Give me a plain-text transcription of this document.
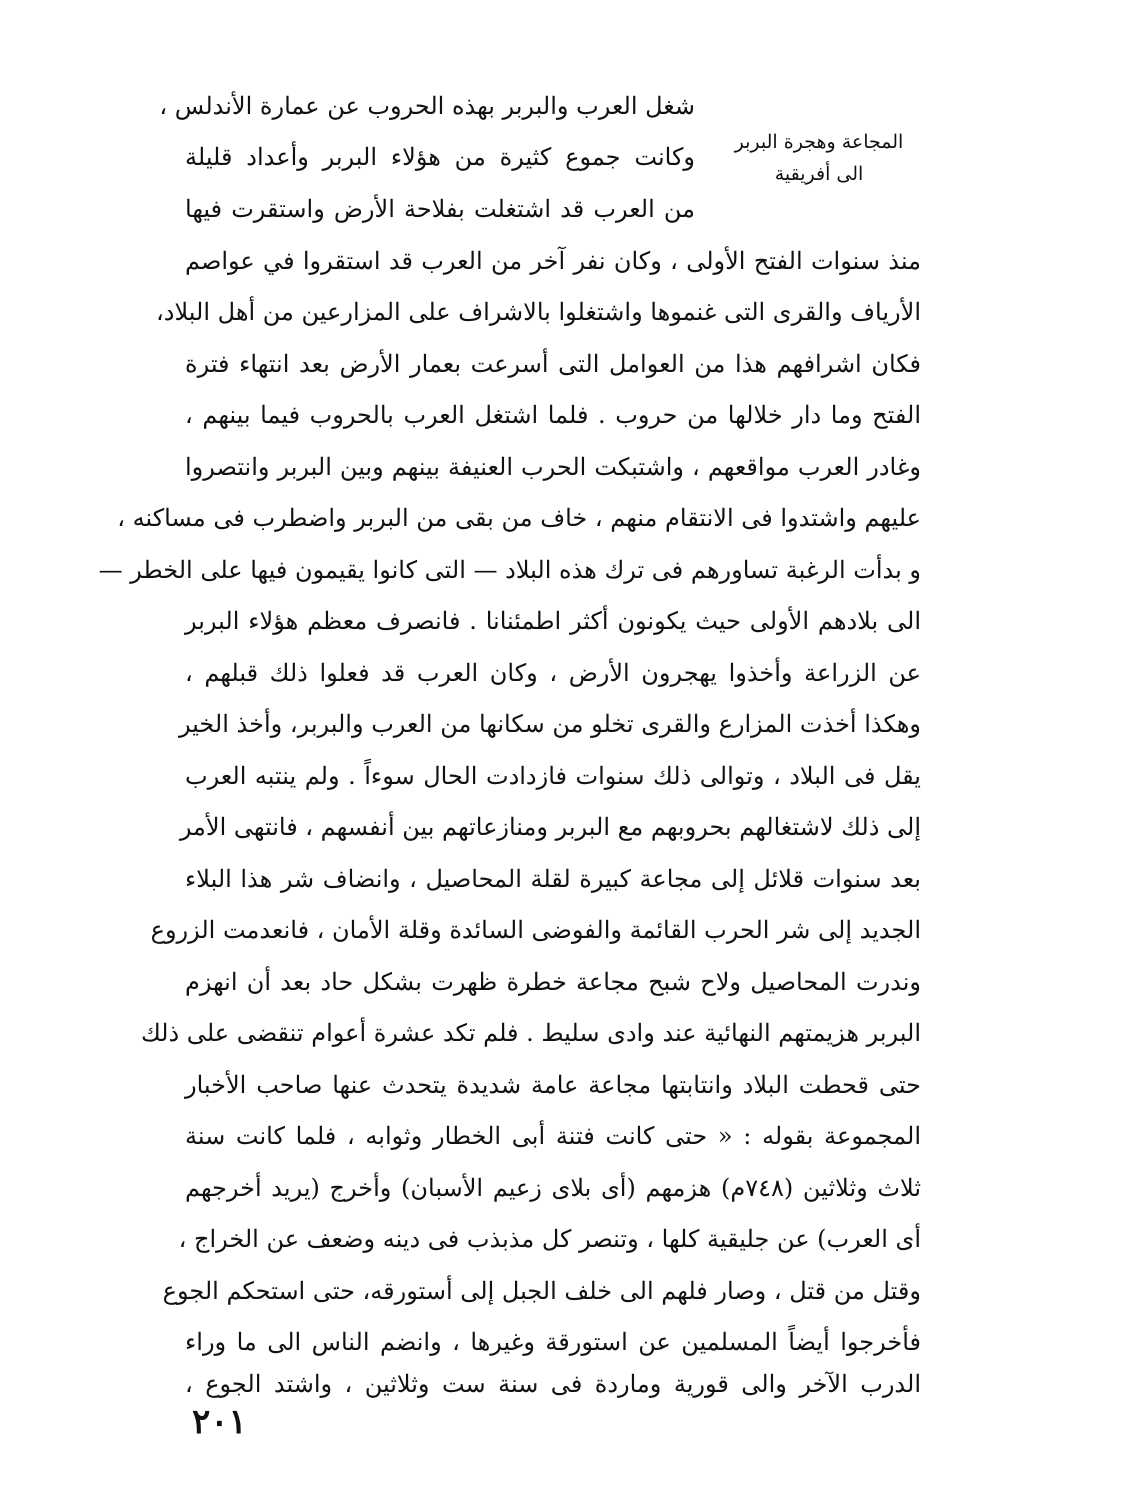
المجاعة وهجرة البربر
الى أفريقية
شغل العرب والبربر بهذه الحروب عن عمارة الأندلس ،
وكانت جموع كثيرة من هؤلاء البربر وأعداد قليلة
من العرب قد اشتغلت بفلاحة الأرض واستقرت فيها
منذ سنوات الفتح الأولى ، وكان نفر آخر من العرب قد استقروا في عواصم
الأرياف والقرى التى غنموها واشتغلوا بالاشراف على المزارعين من أهل البلاد،
فكان اشرافهم هذا من العوامل التى أسرعت بعمار الأرض بعد انتهاء فترة
الفتح وما دار خلالها من حروب . فلما اشتغل العرب بالحروب فيما بينهم ،
وغادر العرب مواقعهم ، واشتبكت الحرب العنيفة بينهم وبين البربر وانتصروا
عليهم واشتدوا فى الانتقام منهم ، خاف من بقى من البربر واضطرب فى مساكنه ،
و بدأت الرغبة تساورهم فى ترك هذه البلاد — التى كانوا يقيمون فيها على الخطر —
الى بلادهم الأولى حيث يكونون أكثر اطمئنانا . فانصرف معظم هؤلاء البربر
عن الزراعة وأخذوا يهجرون الأرض ، وكان العرب قد فعلوا ذلك قبلهم ،
وهكذا أخذت المزارع والقرى تخلو من سكانها من العرب والبربر، وأخذ الخير
يقل فى البلاد ، وتوالى ذلك سنوات فازدادت الحال سوءاً . ولم ينتبه العرب
إلى ذلك لاشتغالهم بحروبهم مع البربر ومنازعاتهم بين أنفسهم ، فانتهى الأمر
بعد سنوات قلائل إلى مجاعة كبيرة لقلة المحاصيل ، وانضاف شر هذا البلاء
الجديد إلى شر الحرب القائمة والفوضى السائدة وقلة الأمان ، فانعدمت الزروع
وندرت المحاصيل ولاح شبح مجاعة خطرة ظهرت بشكل حاد بعد أن انهزم
البربر هزيمتهم النهائية عند وادى سليط . فلم تكد عشرة أعوام تنقضى على ذلك
حتى قحطت البلاد وانتابتها مجاعة عامة شديدة يتحدث عنها صاحب الأخبار
المجموعة بقوله : « حتى كانت فتنة أبى الخطار وثوابه ، فلما كانت سنة
ثلاث وثلاثين (٧٤٨م) هزمهم (أى بلاى زعيم الأسبان) وأخرج (يريد أخرجهم
أى العرب) عن جليقية كلها ، وتنصر كل مذبذب فى دينه وضعف عن الخراج ،
وقتل من قتل ، وصار فلهم الى خلف الجبل إلى أستورقه، حتى استحكم الجوع
فأخرجوا أيضاً المسلمين عن استورقة وغيرها ، وانضم الناس الى ما وراء
الدرب الآخر والى قورية وماردة فى سنة ست وثلاثين ، واشتد الجوع ،
٢٠١
